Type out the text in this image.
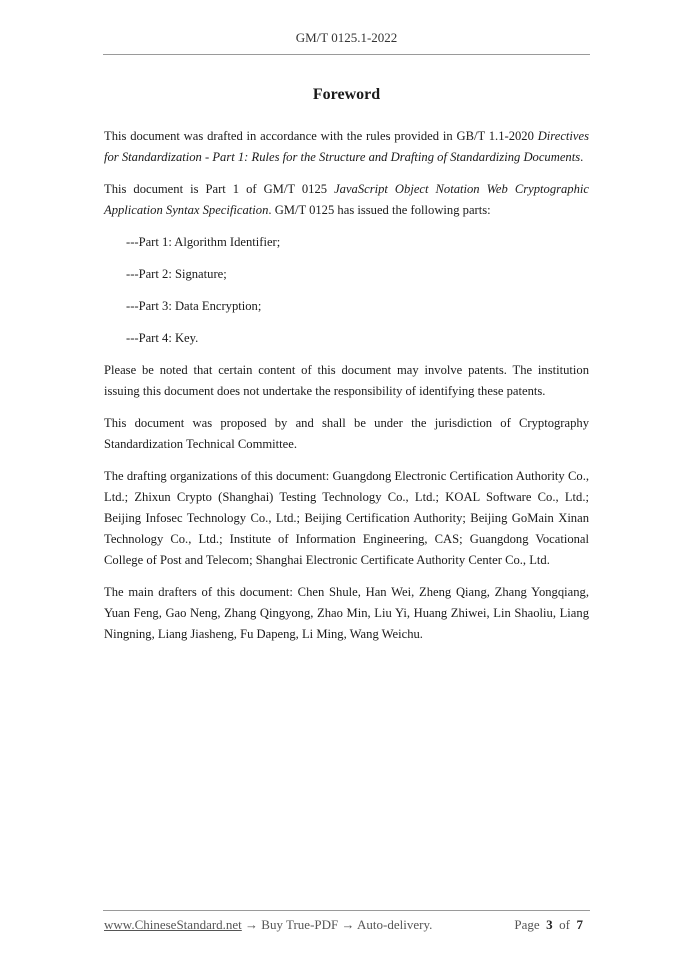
GM/T 0125.1-2022
Foreword

This document was drafted in accordance with the rules provided in GB/T 1.1-2020 Directives for Standardization - Part 1: Rules for the Structure and Drafting of Standardizing Documents.

This document is Part 1 of GM/T 0125 JavaScript Object Notation Web Cryptographic Application Syntax Specification. GM/T 0125 has issued the following parts:

---Part 1: Algorithm Identifier;

---Part 2: Signature;

---Part 3: Data Encryption;

---Part 4: Key.

Please be noted that certain content of this document may involve patents. The institution issuing this document does not undertake the responsibility of identifying these patents.

This document was proposed by and shall be under the jurisdiction of Cryptography Standardization Technical Committee.

The drafting organizations of this document: Guangdong Electronic Certification Authority Co., Ltd.; Zhixun Crypto (Shanghai) Testing Technology Co., Ltd.; KOAL Software Co., Ltd.; Beijing Infosec Technology Co., Ltd.; Beijing Certification Authority; Beijing GoMain Xinan Technology Co., Ltd.; Institute of Information Engineering, CAS; Guangdong Vocational College of Post and Telecom; Shanghai Electronic Certificate Authority Center Co., Ltd.

The main drafters of this document: Chen Shule, Han Wei, Zheng Qiang, Zhang Yongqiang, Yuan Feng, Gao Neng, Zhang Qingyong, Zhao Min, Liu Yi, Huang Zhiwei, Lin Shaoliu, Liang Ningning, Liang Jiasheng, Fu Dapeng, Li Ming, Wang Weichu.

www.ChineseStandard.net → Buy True-PDF → Auto-delivery.	Page 3 of 7
